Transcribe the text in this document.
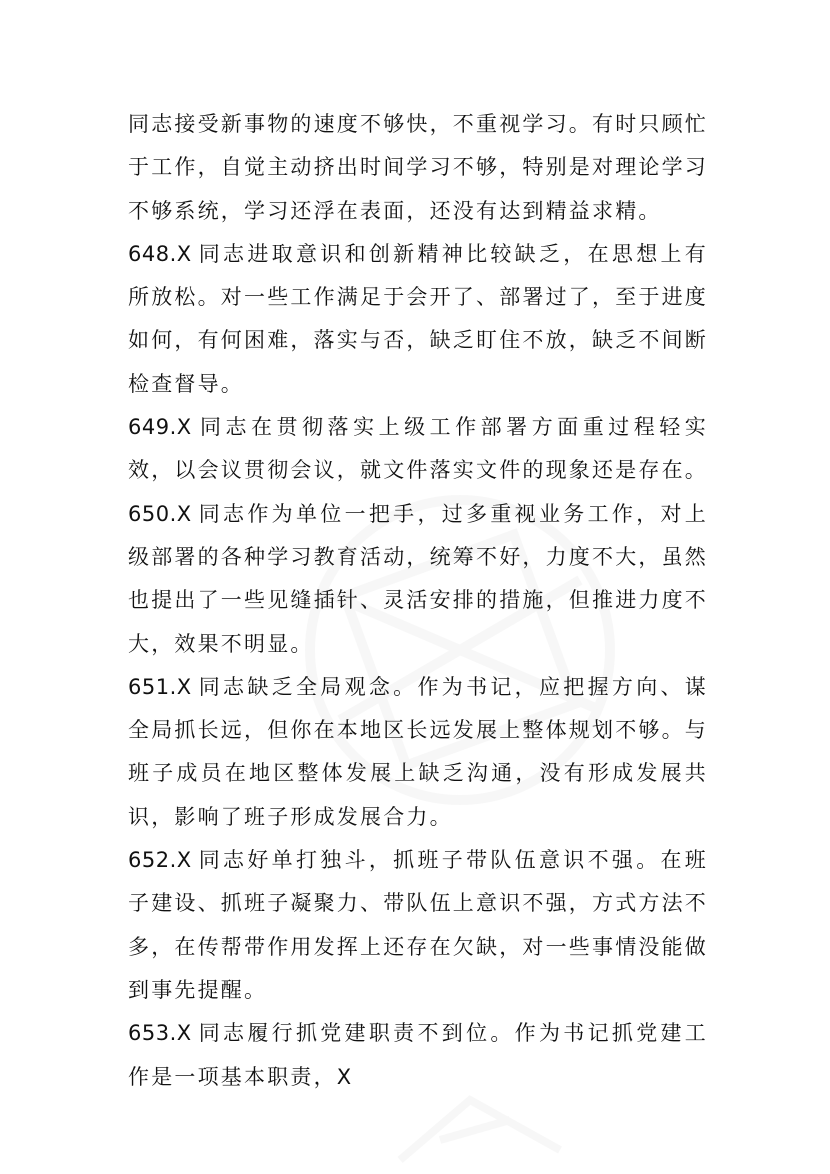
同志接受新事物的速度不够快，不重视学习。有时只顾忙于工作，自觉主动挤出时间学习不够，特别是对理论学习不够系统，学习还浮在表面，还没有达到精益求精。

648.X 同志进取意识和创新精神比较缺乏，在思想上有所放松。对一些工作满足于会开了、部署过了，至于进度如何，有何困难，落实与否，缺乏盯住不放，缺乏不间断检查督导。

649.X 同志在贯彻落实上级工作部署方面重过程轻实效，以会议贯彻会议，就文件落实文件的现象还是存在。

650.X 同志作为单位一把手，过多重视业务工作，对上级部署的各种学习教育活动，统筹不好，力度不大，虽然也提出了一些见缝插针、灵活安排的措施，但推进力度不大，效果不明显。

651.X 同志缺乏全局观念。作为书记，应把握方向、谋全局抓长远，但你在本地区长远发展上整体规划不够。与班子成员在地区整体发展上缺乏沟通，没有形成发展共识，影响了班子形成发展合力。

652.X 同志好单打独斗，抓班子带队伍意识不强。在班子建设、抓班子凝聚力、带队伍上意识不强，方式方法不多，在传帮带作用发挥上还存在欠缺，对一些事情没能做到事先提醒。

653.X 同志履行抓党建职责不到位。作为书记抓党建工作是一项基本职责，X
